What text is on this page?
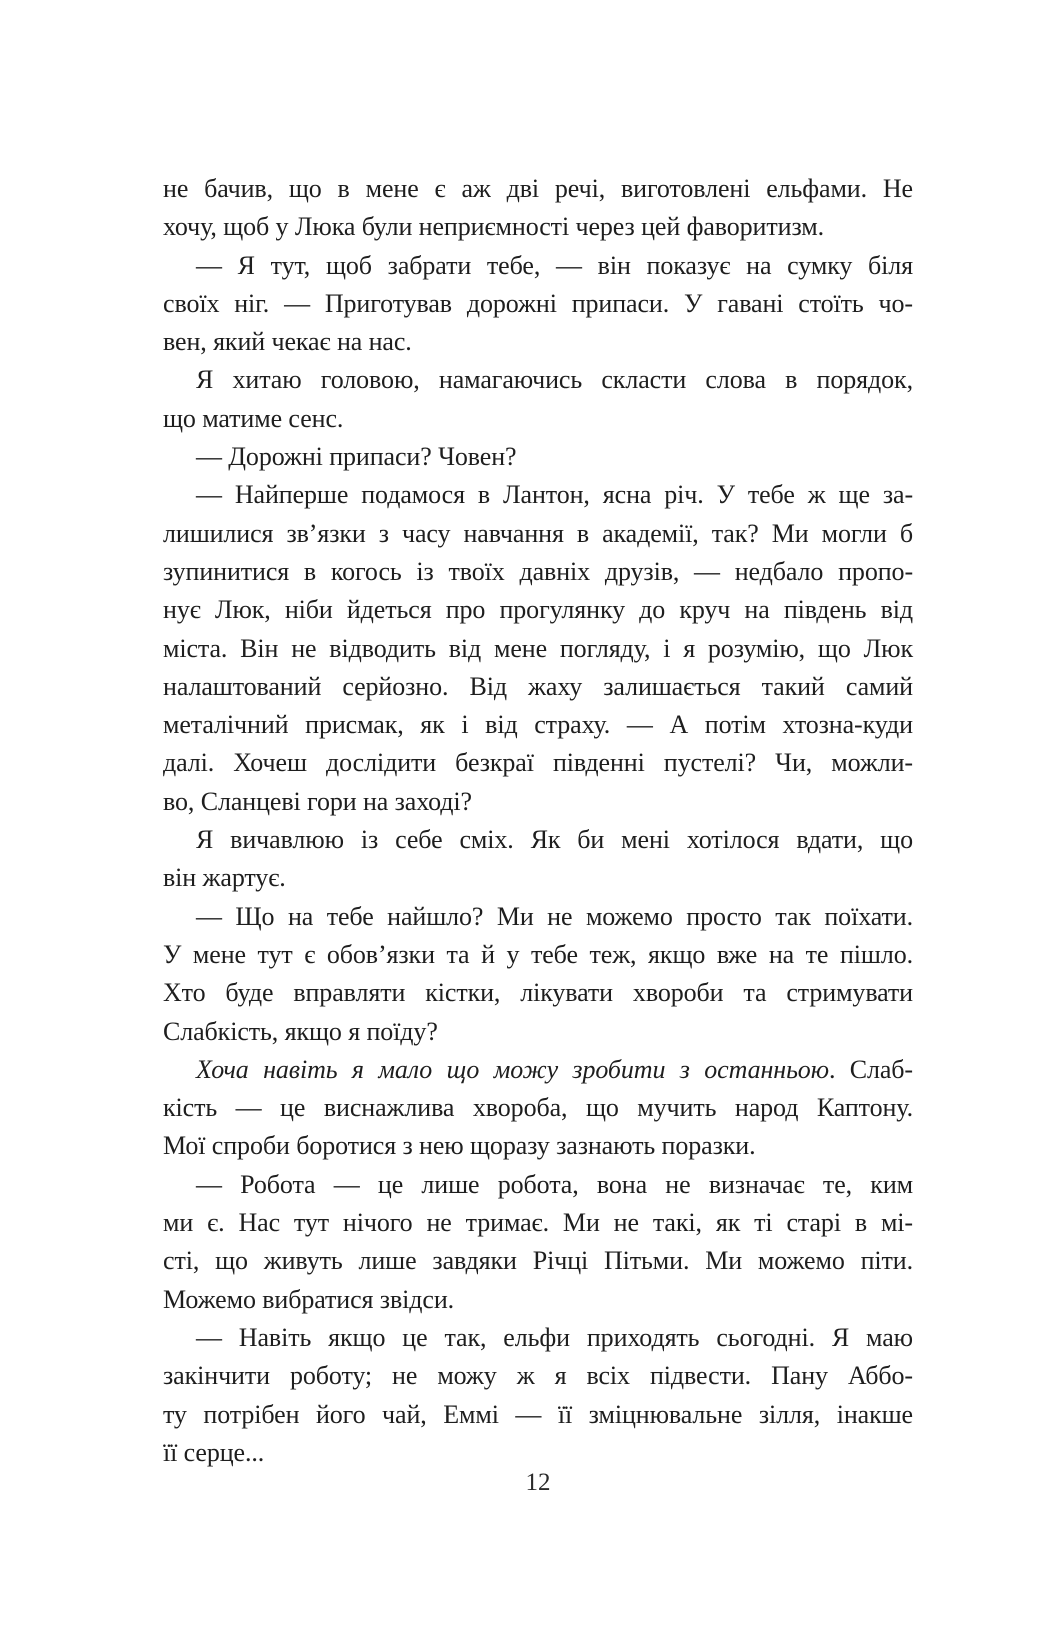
не бачив, що в мене є аж дві речі, виготовлені ельфами. Не

хочу, щоб у Люка були неприємності через цей фаворитизм.

— Я тут, щоб забрати тебе, — він показує на сумку біля

своїх ніг. — Приготував дорожні припаси. У гавані стоїть чо-

вен, який чекає на нас.

Я хитаю головою, намагаючись скласти слова в порядок,

що матиме сенс.

— Дорожні припаси? Човен?

— Найперше подамося в Лантон, ясна річ. У тебе ж ще за-

лишилися зв’язки з часу навчання в академії, так? Ми могли б

зупинитися в когось із твоїх давніх друзів, — недбало пропо-

нує Люк, ніби йдеться про прогулянку до круч на південь від

міста. Він не відводить від мене погляду, і я розумію, що Люк

налаштований серйозно. Від жаху залишається такий самий

металічний присмак, як і від страху. — А потім хтозна-куди

далі. Хочеш дослідити безкраї південні пустелі? Чи, можли-

во, Сланцеві гори на заході?

Я вичавлюю із себе сміх. Як би мені хотілося вдати, що

він жартує.

— Що на тебе найшло? Ми не можемо просто так поїхати.

У мене тут є обов’язки та й у тебе теж, якщо вже на те пішло.

Хто буде вправляти кістки, лікувати хвороби та стримувати

Слабкість, якщо я поїду?

Хоча навіть я мало що можу зробити з останньою. Слаб-

кість — це виснажлива хвороба, що мучить народ Каптону.

Мої спроби боротися з нею щоразу зазнають поразки.

— Робота — це лише робота, вона не визначає те, ким

ми є. Нас тут нічого не тримає. Ми не такі, як ті старі в мі-

сті, що живуть лише завдяки Річці Пітьми. Ми можемо піти.

Можемо вибратися звідси.

— Навіть якщо це так, ельфи приходять сьогодні. Я маю

закінчити роботу; не можу ж я всіх підвести. Пану Аббо-

ту потрібен його чай, Еммі — її зміцнювальне зілля, інакше

її серце...

12
